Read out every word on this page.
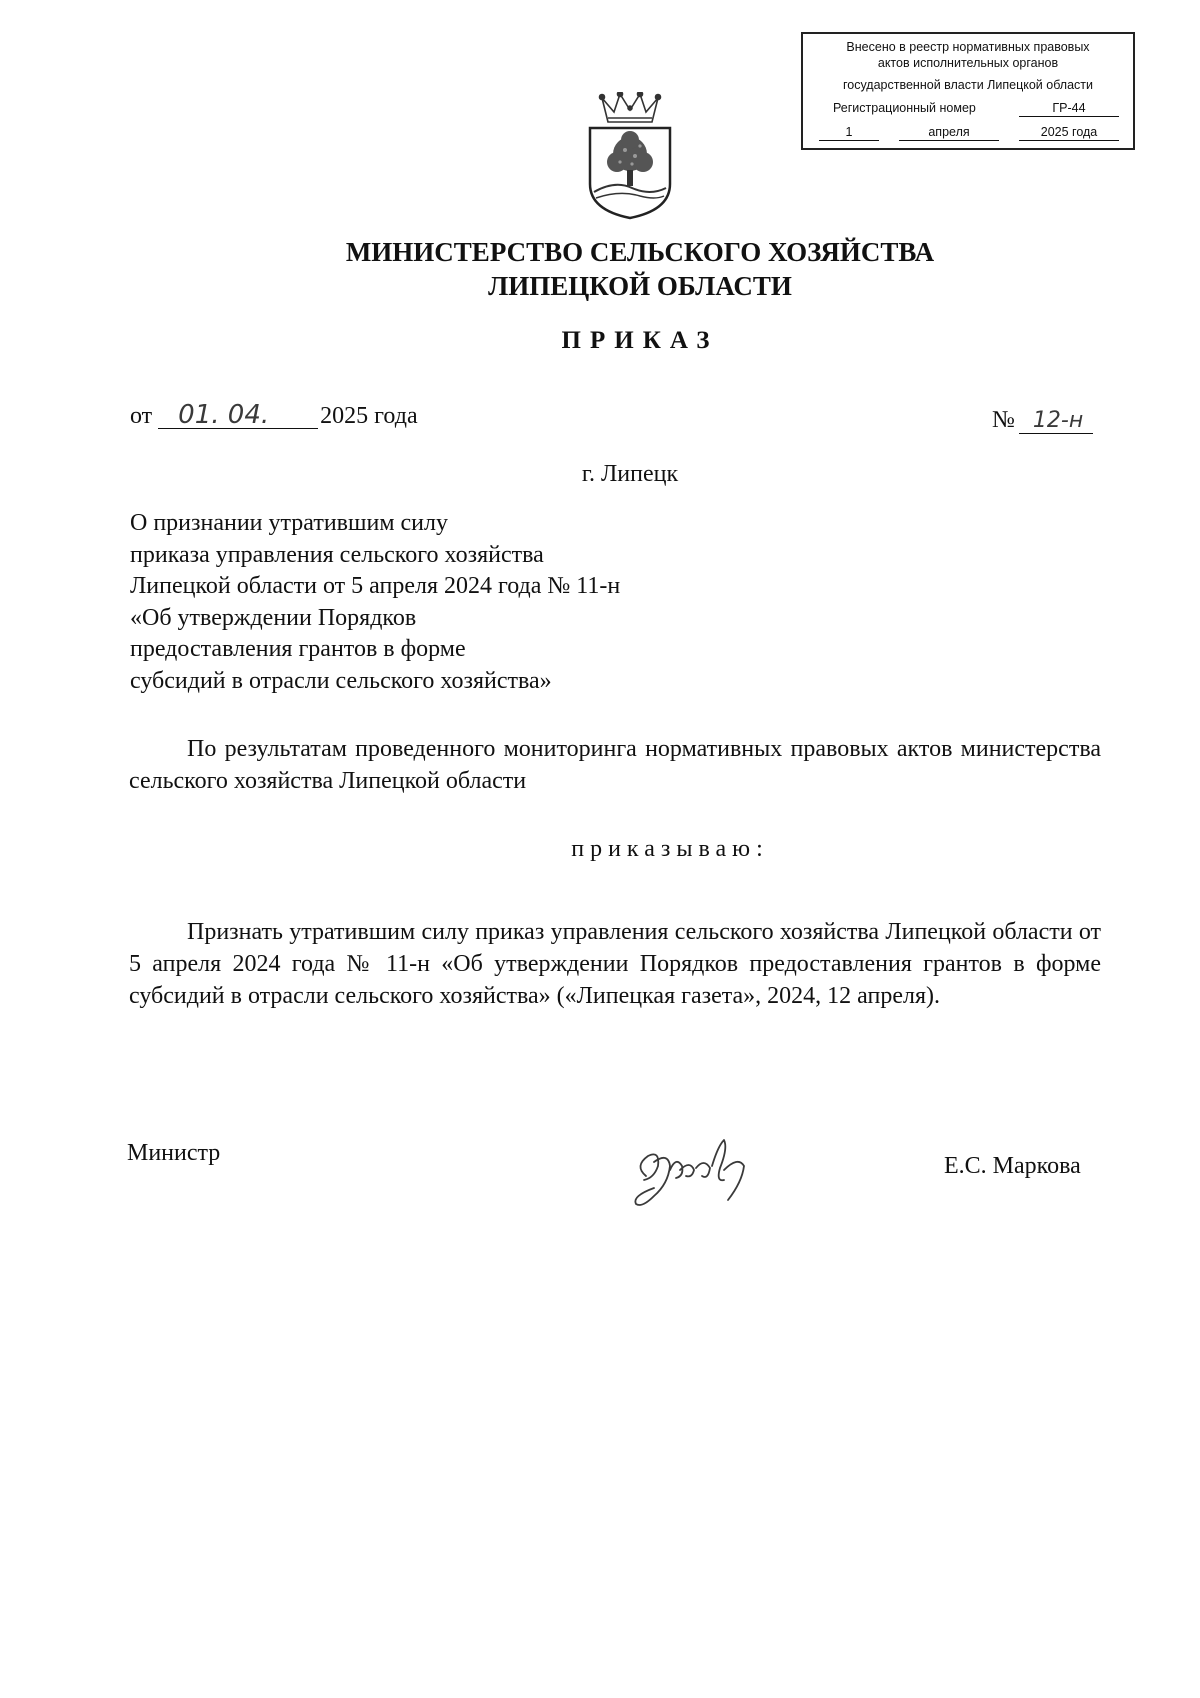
Внесено в реестр нормативных правовых
актов исполнительных органов
государственной власти Липецкой области
Регистрационный номер	ГР-44
1	апреля	2025 года
МИНИСТЕРСТВО СЕЛЬСКОГО ХОЗЯЙСТВА
ЛИПЕЦКОЙ ОБЛАСТИ
ПРИКАЗ
от	01. 04.	2025 года	№ 12-н
г. Липецк
О признании утратившим силу
приказа управления сельского хозяйства
Липецкой области от 5 апреля 2024 года № 11-н
«Об утверждении Порядков
предоставления грантов в форме
субсидий в отрасли сельского хозяйства»
По результатам проведенного мониторинга нормативных правовых актов министерства сельского хозяйства Липецкой области
приказываю:
Признать утратившим силу приказ управления сельского хозяйства Липецкой области от 5 апреля 2024 года № 11-н «Об утверждении Порядков предоставления грантов в форме субсидий в отрасли сельского хозяйства» («Липецкая газета», 2024, 12 апреля).
Министр	Е.С. Маркова
